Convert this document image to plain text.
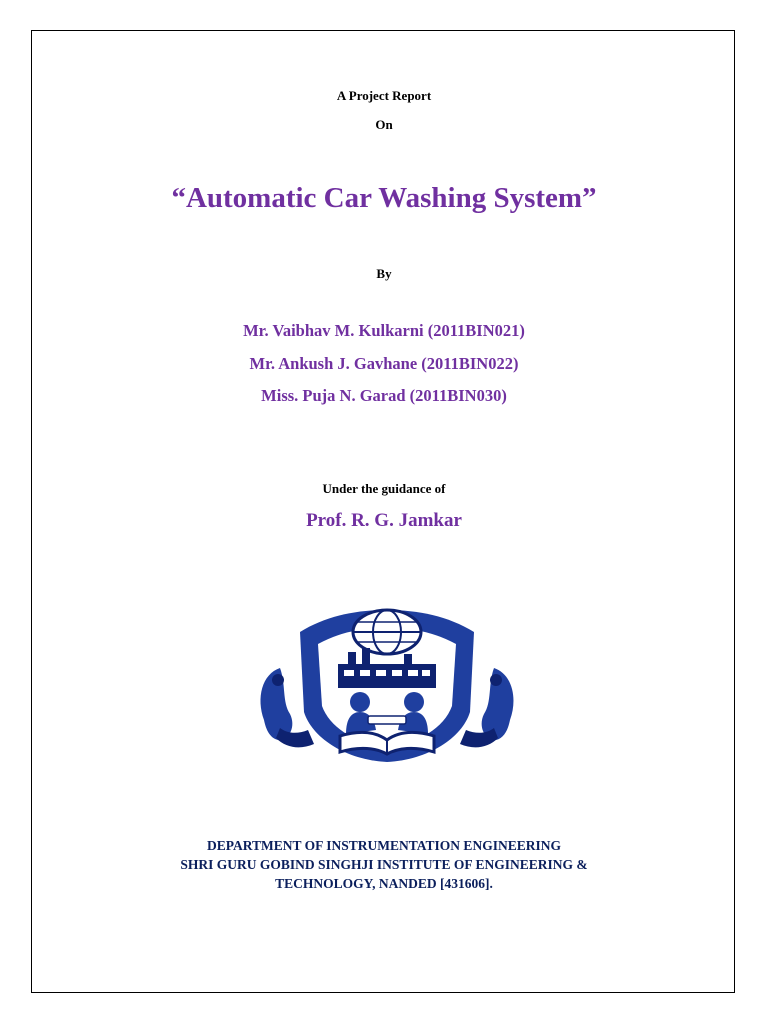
A Project Report
On
“Automatic Car Washing System”
By
Mr. Vaibhav M. Kulkarni (2011BIN021)
Mr. Ankush J. Gavhane (2011BIN022)
Miss. Puja N. Garad (2011BIN030)
Under the guidance of
Prof. R. G. Jamkar
DEPARTMENT OF INSTRUMENTATION ENGINEERING
SHRI GURU GOBIND SINGHJI INSTITUTE OF ENGINEERING &
TECHNOLOGY, NANDED [431606].
